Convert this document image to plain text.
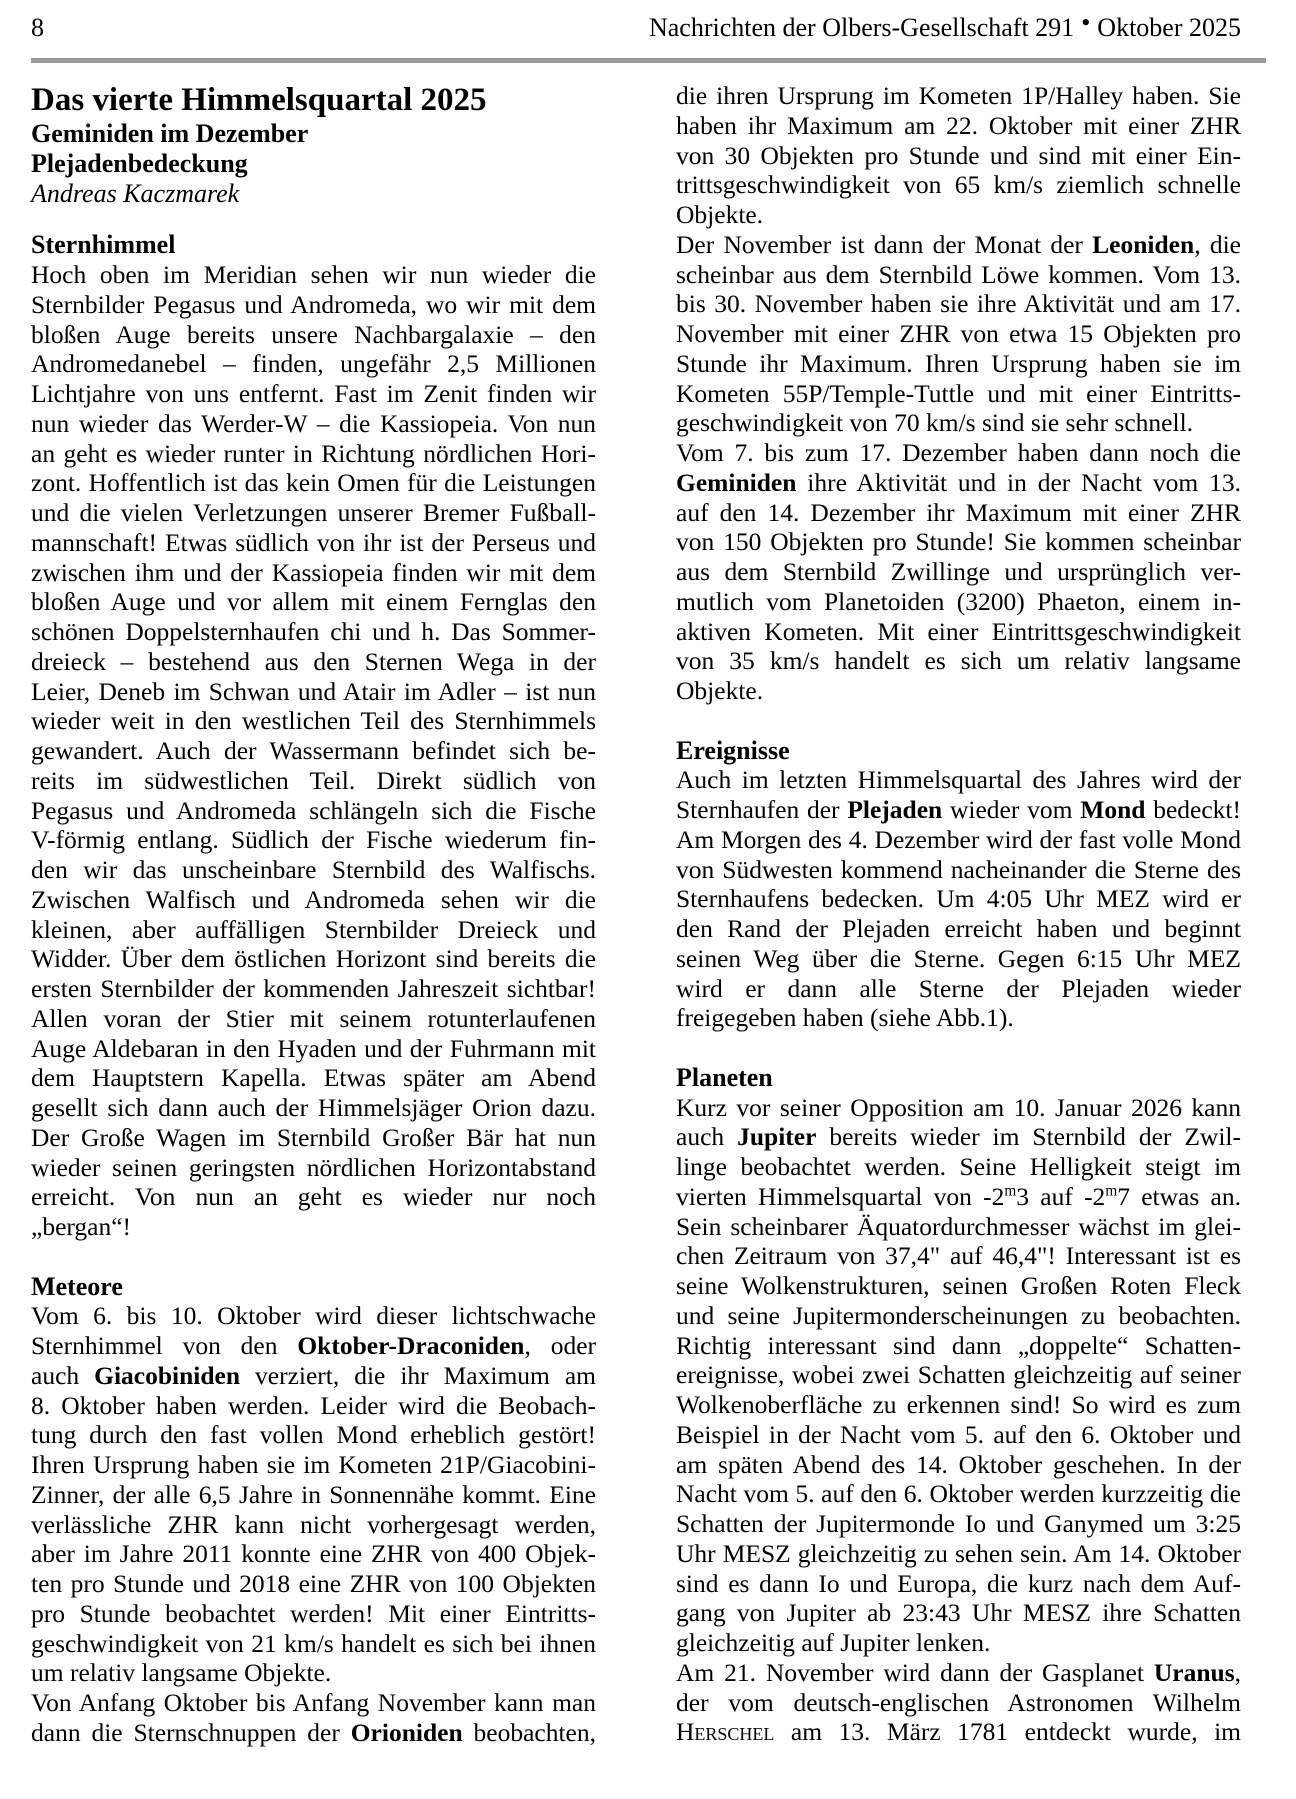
8	Nachrichten der Olbers-Gesellschaft 291 • Oktober 2025
Das vierte Himmelsquartal 2025
Geminiden im Dezember
Plejadenbedeckung
Andreas Kaczmarek
Sternhimmel
Hoch oben im Meridian sehen wir nun wieder die
Sternbilder Pegasus und Andromeda, wo wir mit dem
bloßen Auge bereits unsere Nachbargalaxie – den
Andromedanebel – finden, ungefähr 2,5 Millionen
Lichtjahre von uns entfernt. Fast im Zenit finden wir
nun wieder das Werder-W – die Kassiopeia. Von nun
an geht es wieder runter in Richtung nördlichen Hori-
zont. Hoffentlich ist das kein Omen für die Leistungen
und die vielen Verletzungen unserer Bremer Fußball-
mannschaft! Etwas südlich von ihr ist der Perseus und
zwischen ihm und der Kassiopeia finden wir mit dem
bloßen Auge und vor allem mit einem Fernglas den
schönen Doppelsternhaufen chi und h. Das Sommer-
dreieck – bestehend aus den Sternen Wega in der
Leier, Deneb im Schwan und Atair im Adler – ist nun
wieder weit in den westlichen Teil des Sternhimmels
gewandert. Auch der Wassermann befindet sich be-
reits im südwestlichen Teil. Direkt südlich von
Pegasus und Andromeda schlängeln sich die Fische
V-förmig entlang. Südlich der Fische wiederum fin-
den wir das unscheinbare Sternbild des Walfischs.
Zwischen Walfisch und Andromeda sehen wir die
kleinen, aber auffälligen Sternbilder Dreieck und
Widder. Über dem östlichen Horizont sind bereits die
ersten Sternbilder der kommenden Jahreszeit sichtbar!
Allen voran der Stier mit seinem rotunterlaufenen
Auge Aldebaran in den Hyaden und der Fuhrmann mit
dem Hauptstern Kapella. Etwas später am Abend
gesellt sich dann auch der Himmelsjäger Orion dazu.
Der Große Wagen im Sternbild Großer Bär hat nun
wieder seinen geringsten nördlichen Horizontabstand
erreicht. Von nun an geht es wieder nur noch
„bergan“!
Meteore
Vom 6. bis 10. Oktober wird dieser lichtschwache
Sternhimmel von den Oktober-Draconiden, oder
auch Giacobiniden verziert, die ihr Maximum am
8. Oktober haben werden. Leider wird die Beobach-
tung durch den fast vollen Mond erheblich gestört!
Ihren Ursprung haben sie im Kometen 21P/Giacobini-
Zinner, der alle 6,5 Jahre in Sonnennähe kommt. Eine
verlässliche ZHR kann nicht vorhergesagt werden,
aber im Jahre 2011 konnte eine ZHR von 400 Objek-
ten pro Stunde und 2018 eine ZHR von 100 Objekten
pro Stunde beobachtet werden! Mit einer Eintritts-
geschwindigkeit von 21 km/s handelt es sich bei ihnen
um relativ langsame Objekte.
Von Anfang Oktober bis Anfang November kann man
dann die Sternschnuppen der Orioniden beobachten,
die ihren Ursprung im Kometen 1P/Halley haben. Sie
haben ihr Maximum am 22. Oktober mit einer ZHR
von 30 Objekten pro Stunde und sind mit einer Ein-
trittsgeschwindigkeit von 65 km/s ziemlich schnelle
Objekte.
Der November ist dann der Monat der Leoniden, die
scheinbar aus dem Sternbild Löwe kommen. Vom 13.
bis 30. November haben sie ihre Aktivität und am 17.
November mit einer ZHR von etwa 15 Objekten pro
Stunde ihr Maximum. Ihren Ursprung haben sie im
Kometen 55P/Temple-Tuttle und mit einer Eintritts-
geschwindigkeit von 70 km/s sind sie sehr schnell.
Vom 7. bis zum 17. Dezember haben dann noch die
Geminiden ihre Aktivität und in der Nacht vom 13.
auf den 14. Dezember ihr Maximum mit einer ZHR
von 150 Objekten pro Stunde! Sie kommen scheinbar
aus dem Sternbild Zwillinge und ursprünglich ver-
mutlich vom Planetoiden (3200) Phaeton, einem in-
aktiven Kometen. Mit einer Eintrittsgeschwindigkeit
von 35 km/s handelt es sich um relativ langsame
Objekte.
Ereignisse
Auch im letzten Himmelsquartal des Jahres wird der
Sternhaufen der Plejaden wieder vom Mond bedeckt!
Am Morgen des 4. Dezember wird der fast volle Mond
von Südwesten kommend nacheinander die Sterne des
Sternhaufens bedecken. Um 4:05 Uhr MEZ wird er
den Rand der Plejaden erreicht haben und beginnt
seinen Weg über die Sterne. Gegen 6:15 Uhr MEZ
wird er dann alle Sterne der Plejaden wieder
freigegeben haben (siehe Abb.1).
Planeten
Kurz vor seiner Opposition am 10. Januar 2026 kann
auch Jupiter bereits wieder im Sternbild der Zwil-
linge beobachtet werden. Seine Helligkeit steigt im
vierten Himmelsquartal von -2$^m$3 auf -2$^m$7 etwas an.
Sein scheinbarer Äquatordurchmesser wächst im glei-
chen Zeitraum von 37,4" auf 46,4"! Interessant ist es
seine Wolkenstrukturen, seinen Großen Roten Fleck
und seine Jupitermonderscheinungen zu beobachten.
Richtig interessant sind dann „doppelte“ Schatten-
ereignisse, wobei zwei Schatten gleichzeitig auf seiner
Wolkenoberfläche zu erkennen sind! So wird es zum
Beispiel in der Nacht vom 5. auf den 6. Oktober und
am späten Abend des 14. Oktober geschehen. In der
Nacht vom 5. auf den 6. Oktober werden kurzzeitig die
Schatten der Jupitermonde Io und Ganymed um 3:25
Uhr MESZ gleichzeitig zu sehen sein. Am 14. Oktober
sind es dann Io und Europa, die kurz nach dem Auf-
gang von Jupiter ab 23:43 Uhr MESZ ihre Schatten
gleichzeitig auf Jupiter lenken.
Am 21. November wird dann der Gasplanet Uranus,
der vom deutsch-englischen Astronomen Wilhelm
Herschel am 13. März 1781 entdeckt wurde, im
